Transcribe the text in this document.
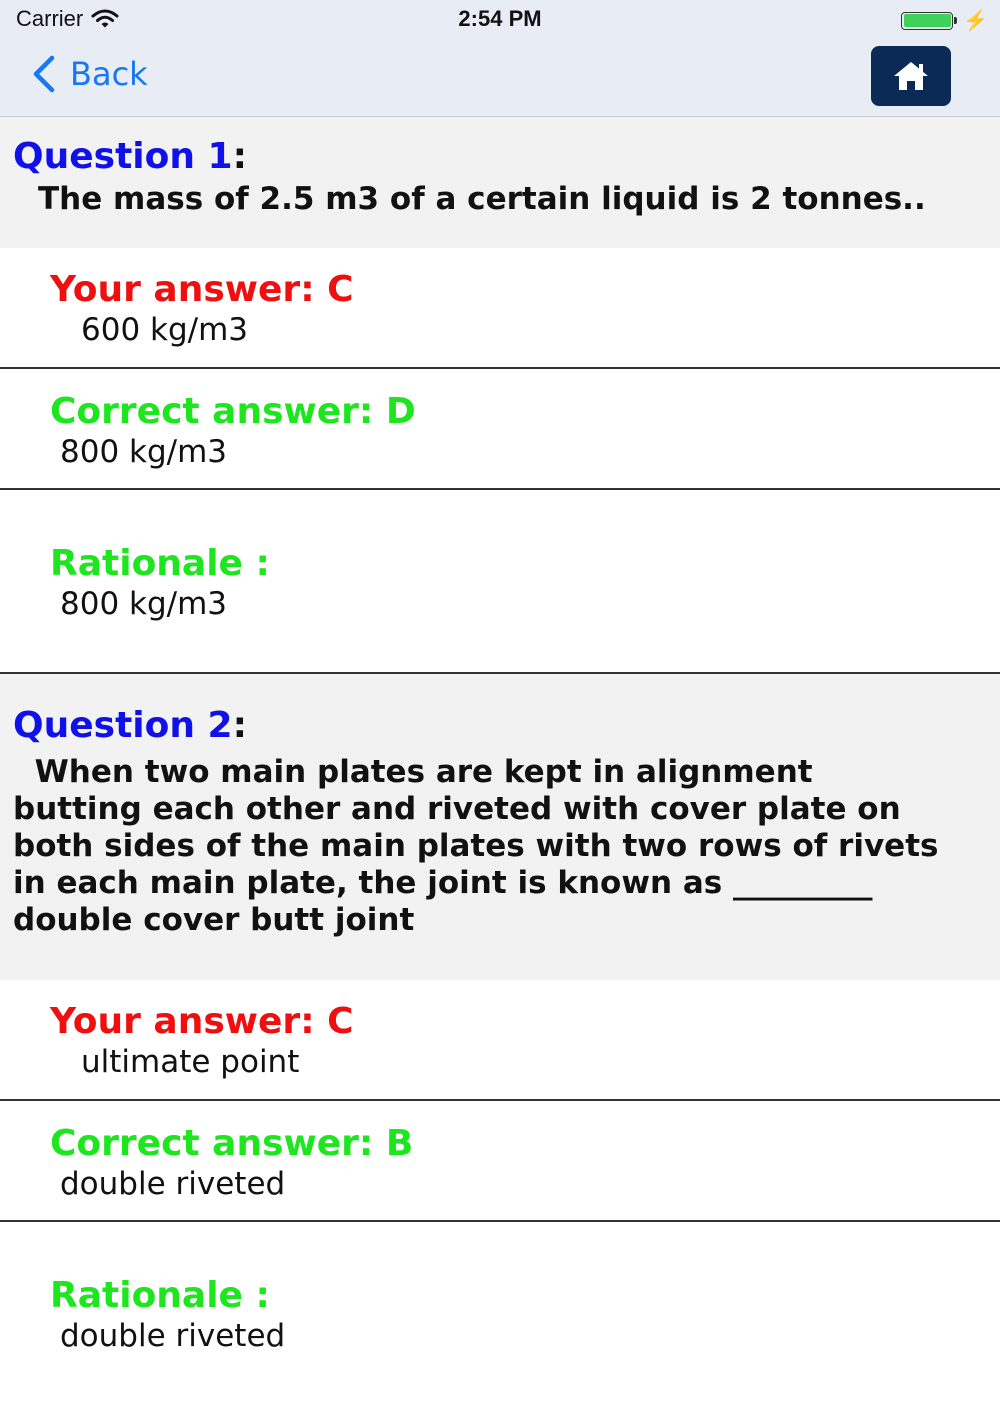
Carrier	2:54 PM	⚡
Back
Question 1:
The mass of 2.5 m3 of a certain liquid is 2 tonnes..
Your answer: C
600 kg/m3
Correct answer: D
800 kg/m3
Rationale :
800 kg/m3
Question 2:
When two main plates are kept in alignment
butting each other and riveted with cover plate on
both sides of the main plates with two rows of rivets
in each main plate, the joint is known as _________
double cover butt joint
Your answer: C
ultimate point
Correct answer: B
double riveted
Rationale :
double riveted
